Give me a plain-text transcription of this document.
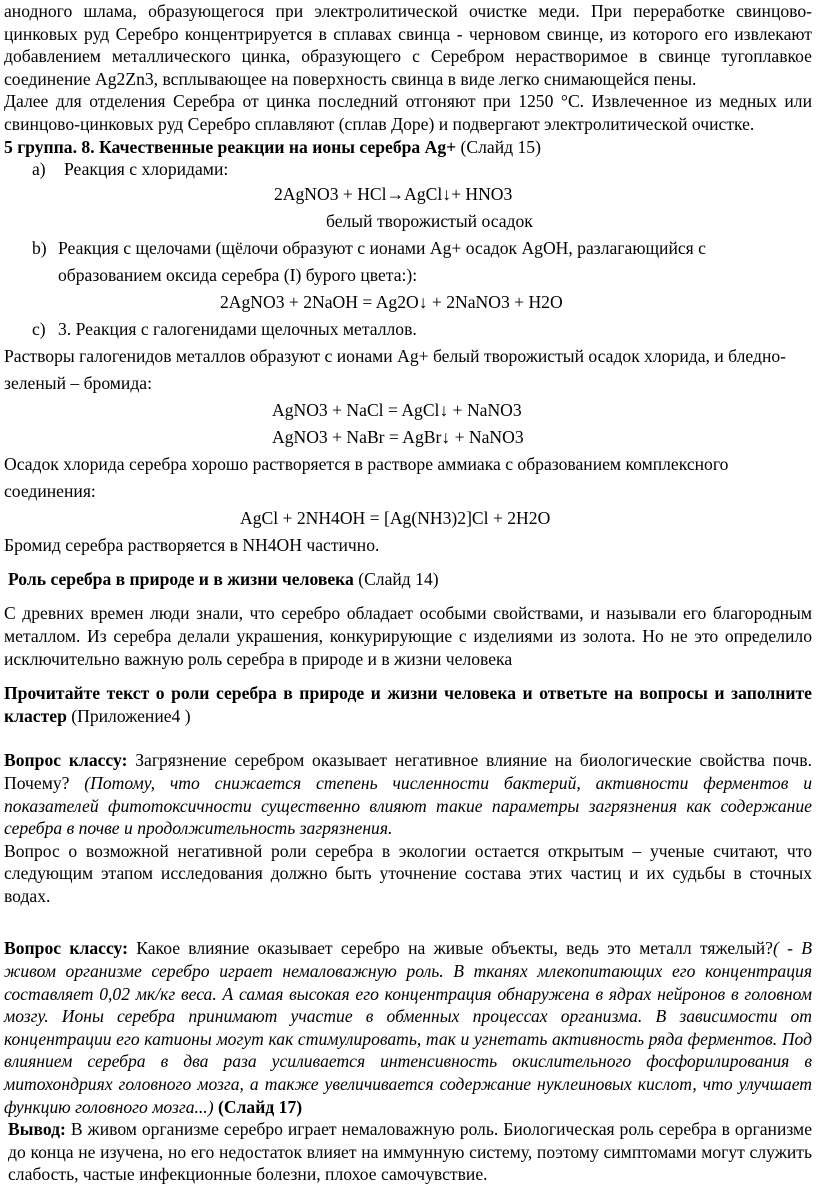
анодного шлама, образующегося при электролитической очистке меди. При переработке свинцово-цинковых руд Серебро концентрируется в сплавах свинца - черновом свинце, из которого его извлекают добавлением металлического цинка, образующего с Серебром нерастворимое в свинце тугоплавкое соединение Ag2Zn3, всплывающее на поверхность свинца в виде легко снимающейся пены.

Далее для отделения Серебра от цинка последний отгоняют при 1250 °С. Извлеченное из медных или свинцово-цинковых руд Серебро сплавляют (сплав Доре) и подвергают электролитической очистке.

5 группа. 8. Качественные реакции на ионы серебра Ag+ (Слайд 15)

а)	Реакция с хлоридами:

2AgNO3 + HCl→AgCl↓+ HNO3

белый творожистый осадок

b) Реакция с щелочами (щёлочи образуют с ионами Ag+ осадок AgOH, разлагающийся с образованием оксида серебра (I) бурого цвета:):

2AgNO3 + 2NaOH = Ag2O↓ + 2NaNO3 + H2O

c) 3. Реакция с галогенидами щелочных металлов.

Растворы галогенидов металлов образуют с ионами Ag+ белый творожистый осадок хлорида, и бледно-зеленый – бромида:

AgNO3 + NaCl = AgCl↓ + NaNO3

AgNO3 + NaBr = AgBr↓ + NaNO3

Осадок хлорида серебра хорошо растворяется в растворе аммиака с образованием комплексного соединения:

AgCl + 2NH4OH = [Ag(NH3)2]Cl + 2H2O

Бромид серебра растворяется в NH4OH частично.

Роль серебра в природе и в жизни человека (Слайд 14)

С древних времен люди знали, что серебро обладает особыми свойствами, и называли его благородным металлом. Из серебра делали украшения, конкурирующие с изделиями из золота. Но не это определило исключительно важную роль серебра в природе и в жизни человека

Прочитайте текст о роли серебра в природе и жизни человека и ответьте на вопросы и заполните кластер (Приложение4 )

Вопрос классу: Загрязнение серебром оказывает негативное влияние на биологические свойства почв. Почему? (Потому, что снижается степень численности бактерий, активности ферментов и показателей фитотоксичности существенно влияют такие параметры загрязнения как содержание серебра в почве и продолжительность загрязнения.

Вопрос о возможной негативной роли серебра в экологии остается открытым – ученые считают, что следующим этапом исследования должно быть уточнение состава этих частиц и их судьбы в сточных водах.

Вопрос классу: Какое влияние оказывает серебро на живые объекты, ведь это металл тяжелый?( - В живом организме серебро играет немаловажную роль. В тканях млекопитающих его концентрация составляет 0,02 мк/кг веса. А самая высокая его концентрация обнаружена в ядрах нейронов в головном мозгу. Ионы серебра принимают участие в обменных процессах организма. В зависимости от концентрации его катионы могут как стимулировать, так и угнетать активность ряда ферментов. Под влиянием серебра в два раза усиливается интенсивность окислительного фосфорилирования в митохондриях головного мозга, а также увеличивается содержание нуклеиновых кислот, что улучшает функцию головного мозга...) (Слайд 17)

Вывод: В живом организме серебро играет немаловажную роль. Биологическая роль серебра в организме до конца не изучена, но его недостаток влияет на иммунную систему, поэтому симптомами могут служить слабость, частые инфекционные болезни, плохое самочувствие.
